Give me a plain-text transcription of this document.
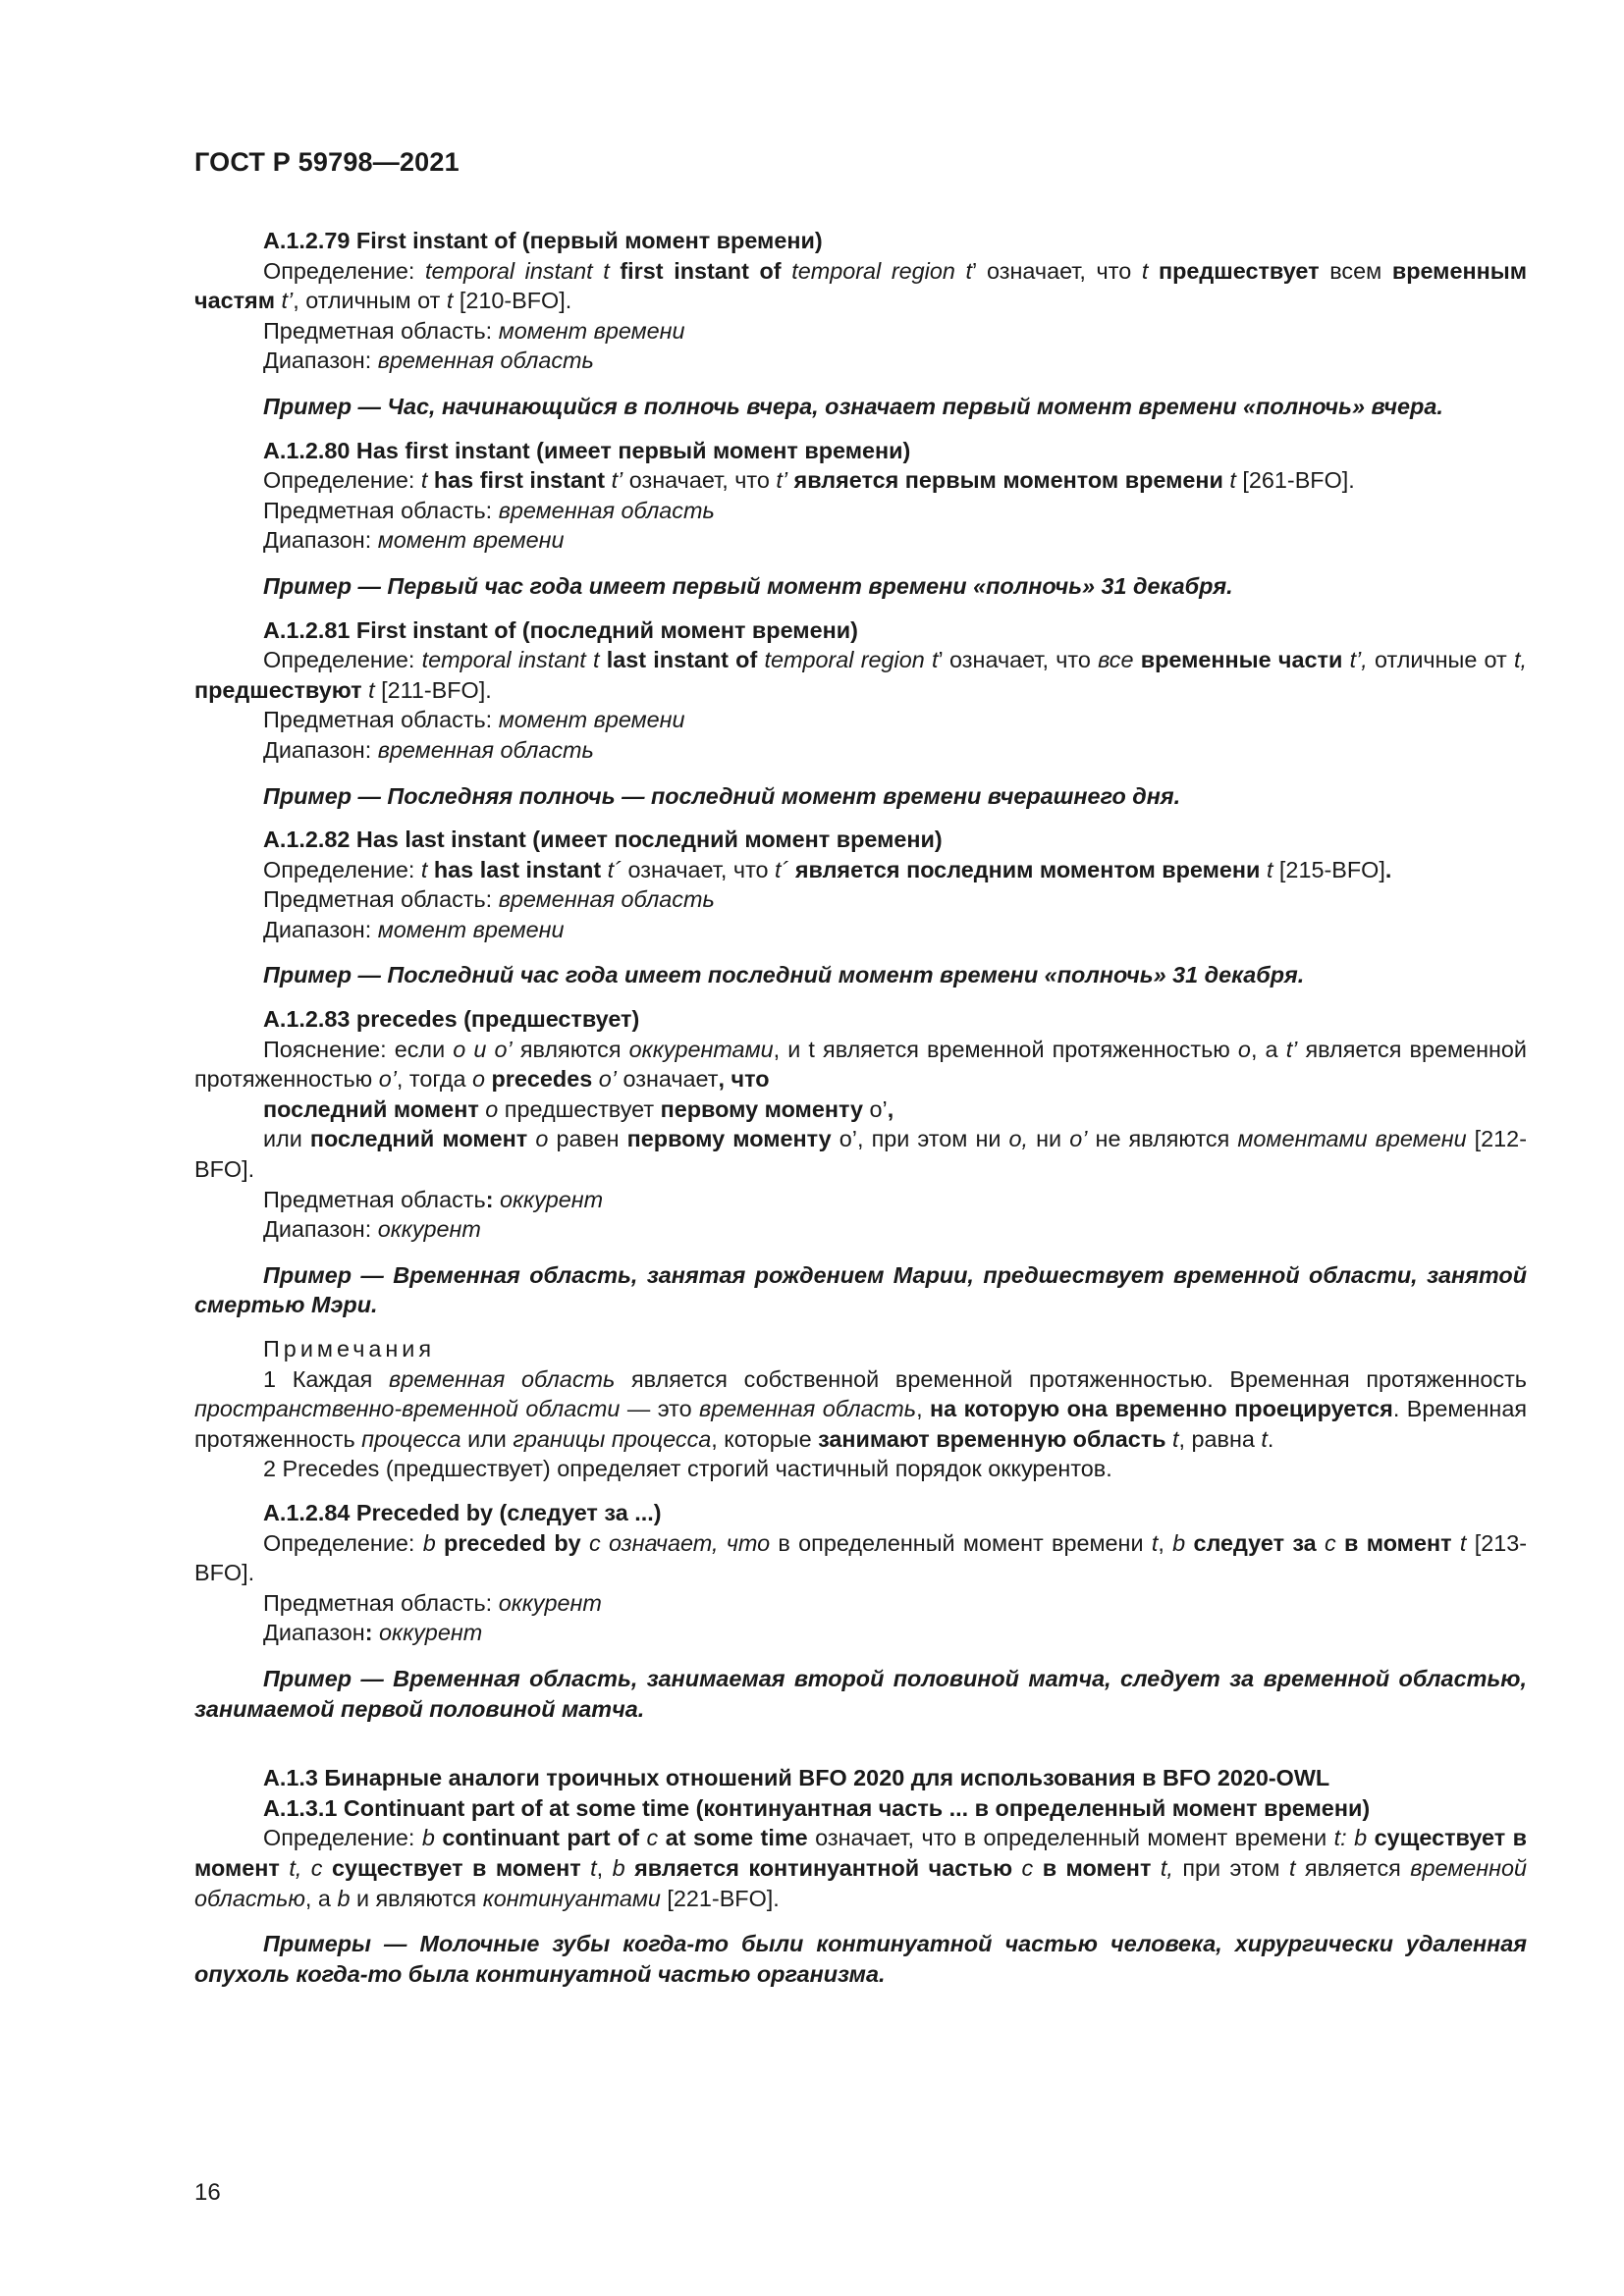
ГОСТ Р 59798—2021

A.1.2.79 First instant of (первый момент времени)

Определение: temporal instant t first instant of temporal region t’ означает, что t предшествует всем временным частям t’, отличным от t [210-BFO].

Предметная область: момент времени

Диапазон: временная область

Пример — Час, начинающийся в полночь вчера, означает первый момент времени «полночь» вчера.

A.1.2.80 Has first instant (имеет первый момент времени)

Определение: t has first instant t’ означает, что t’ является первым моментом времени t [261-BFO].

Предметная область: временная область

Диапазон: момент времени

Пример — Первый час года имеет первый момент времени «полночь» 31 декабря.

A.1.2.81 First instant of (последний момент времени)

Определение: temporal instant t last instant of temporal region t’ означает, что все временные части t’, отличные от t, предшествуют t [211-BFO].

Предметная область: момент времени

Диапазон: временная область

Пример — Последняя полночь — последний момент времени вчерашнего дня.

A.1.2.82 Has last instant (имеет последний момент времени)

Определение: t has last instant t´ означает, что t´ является последним моментом времени t [215-BFO].

Предметная область: временная область

Диапазон: момент времени

Пример — Последний час года имеет последний момент времени «полночь» 31 декабря.

A.1.2.83 precedes (предшествует)

Пояснение: если о и о’ являются оккурентами, и t является временной протяженностью о, а t’ является временной протяженностью о’, тогда о precedes о’ означает, что

последний момент о предшествует первому моменту о’,

или последний момент о равен первому моменту о’, при этом ни о, ни о’ не являются моментами времени [212-BFO].

Предметная область: оккурент

Диапазон: оккурент

Пример — Временная область, занятая рождением Марии, предшествует временной области, занятой смертью Мэри.

Примечания

1 Каждая временная область является собственной временной протяженностью. Временная протяженность пространственно-временной области — это временная область, на которую она временно проецируется. Временная протяженность процесса или границы процесса, которые занимают временную область t, равна t.

2 Precedes (предшествует) определяет строгий частичный порядок оккурентов.

A.1.2.84 Preceded by (следует за ...)

Определение: b preceded by c означает, что в определенный момент времени t, b следует за c в момент t [213-BFO].

Предметная область: оккурент

Диапазон: оккурент

Пример — Временная область, занимаемая второй половиной матча, следует за временной областью, занимаемой первой половиной матча.

A.1.3 Бинарные аналоги троичных отношений BFO 2020 для использования в BFO 2020-OWL

A.1.3.1 Continuant part of at some time (континуантная часть ... в определенный момент времени)

Определение: b continuant part of c at some time означает, что в определенный момент времени t: b существует в момент t, c существует в момент t, b является континуантной частью c в момент t, при этом t является временной областью, а b и являются континуантами [221-BFO].

Примеры — Молочные зубы когда-то были континуатной частью человека, хирургически удаленная опухоль когда-то была континуатной частью организма.

16
